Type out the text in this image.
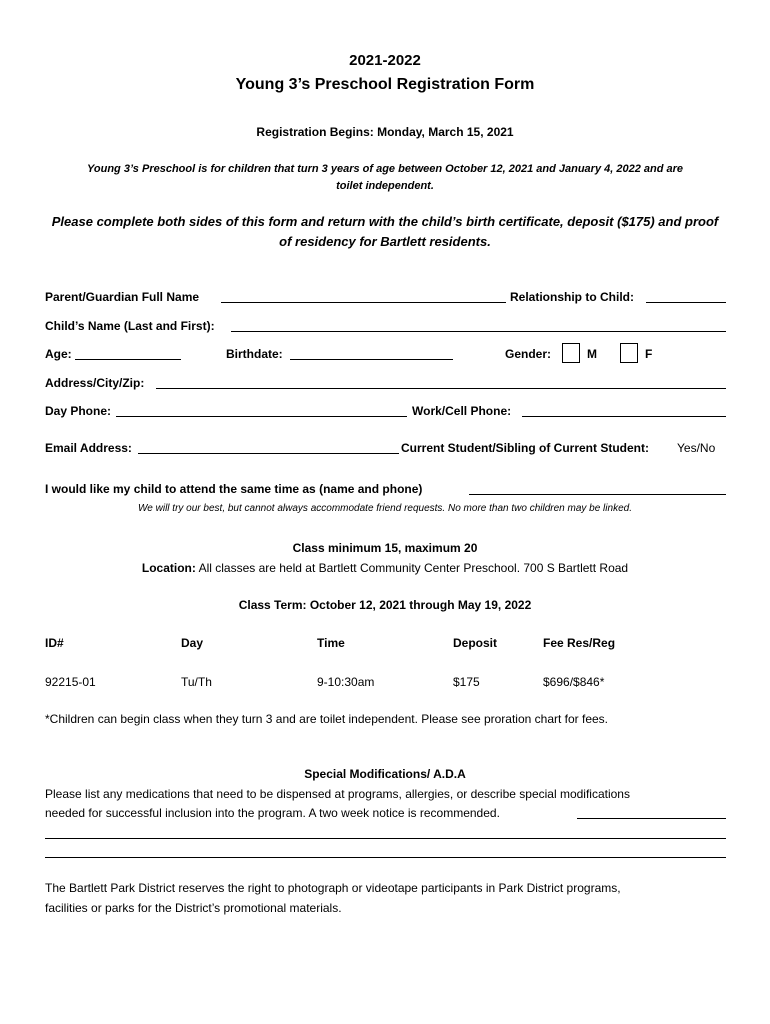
2021-2022
Young 3’s Preschool Registration Form
Registration Begins: Monday, March 15, 2021
Young 3’s Preschool is for children that turn 3 years of age between October 12, 2021 and January 4, 2022 and are
toilet independent.
Please complete both sides of this form and return with the child’s birth certificate, deposit ($175) and proof
of residency for Bartlett residents.
Parent/Guardian Full Name	Relationship to Child:
Child’s Name (Last and First):
Age:	Birthdate:	Gender:	M	F
Address/City/Zip:
Day Phone:	Work/Cell Phone:
Email Address:	Current Student/Sibling of Current Student: Yes/No
I would like my child to attend the same time as (name and phone)
We will try our best, but cannot always accommodate friend requests. No more than two children may be linked.
Class minimum 15, maximum 20
Location: All classes are held at Bartlett Community Center Preschool. 700 S Bartlett Road
Class Term: October 12, 2021 through May 19, 2022
ID#	Day	Time	Deposit	Fee Res/Reg
92215-01	Tu/Th	9-10:30am	$175	$696/$846*
*Children can begin class when they turn 3 and are toilet independent. Please see proration chart for fees.
Special Modifications/ A.D.A
Please list any medications that need to be dispensed at programs, allergies, or describe special modifications
needed for successful inclusion into the program. A two week notice is recommended.
The Bartlett Park District reserves the right to photograph or videotape participants in Park District programs,
facilities or parks for the District’s promotional materials.
